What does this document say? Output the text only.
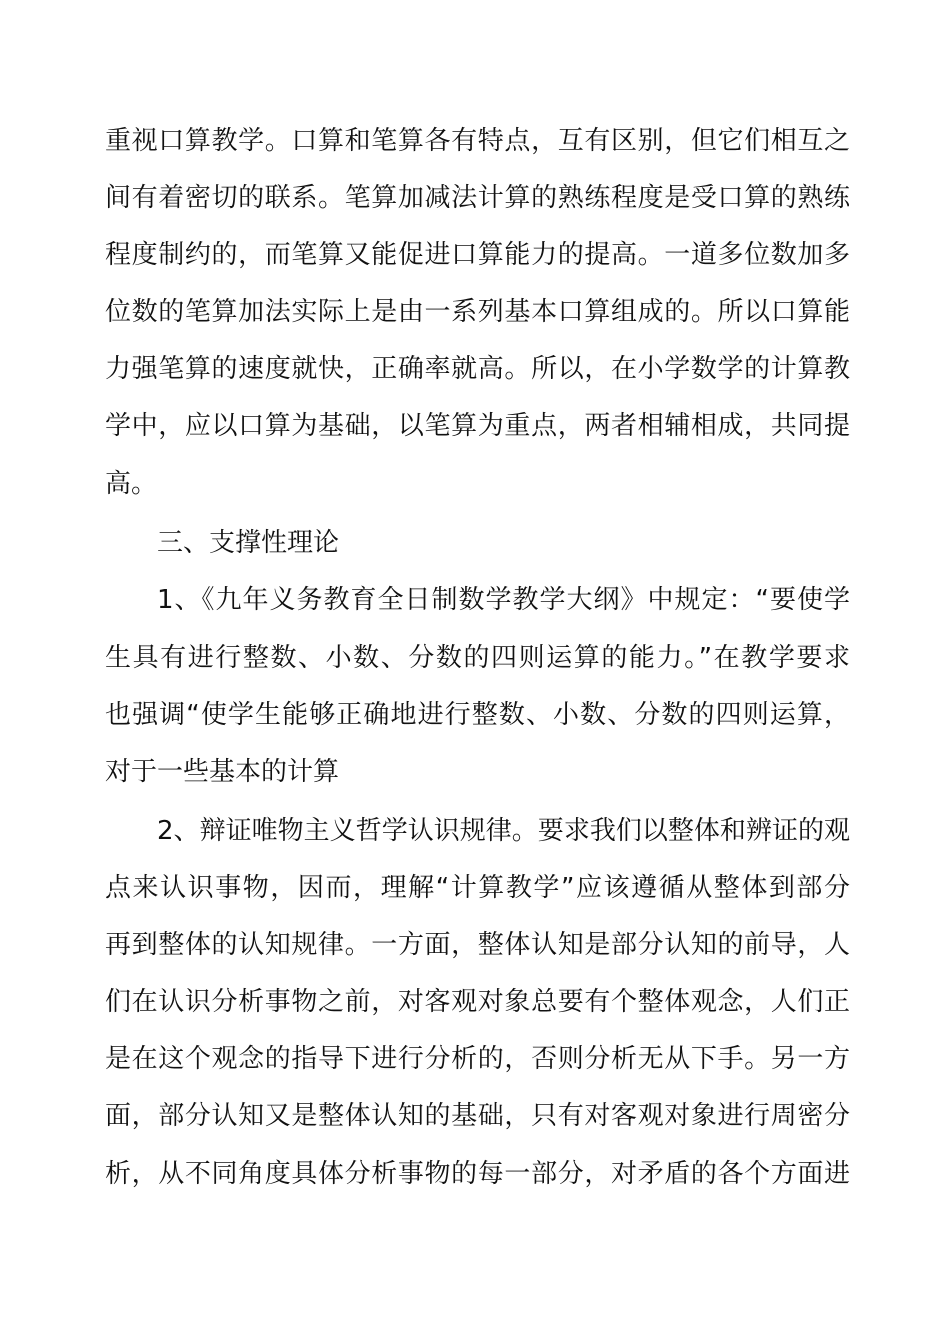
重视口算教学。口算和笔算各有特点，互有区别，但它们相互之
间有着密切的联系。笔算加减法计算的熟练程度是受口算的熟练
程度制约的，而笔算又能促进口算能力的提高。一道多位数加多
位数的笔算加法实际上是由一系列基本口算组成的。所以口算能
力强笔算的速度就快，正确率就高。所以，在小学数学的计算教
学中，应以口算为基础，以笔算为重点，两者相辅相成，共同提
高。
三、支撑性理论
1、《九年义务教育全日制数学教学大纲》中规定：“要使学
生具有进行整数、小数、分数的四则运算的能力。”在教学要求
也强调“使学生能够正确地进行整数、小数、分数的四则运算，
对于一些基本的计算
2、辩证唯物主义哲学认识规律。要求我们以整体和辨证的观
点来认识事物，因而，理解“计算教学”应该遵循从整体到部分
再到整体的认知规律。一方面，整体认知是部分认知的前导，人
们在认识分析事物之前，对客观对象总要有个整体观念，人们正
是在这个观念的指导下进行分析的，否则分析无从下手。另一方
面，部分认知又是整体认知的基础，只有对客观对象进行周密分
析，从不同角度具体分析事物的每一部分，对矛盾的各个方面进
